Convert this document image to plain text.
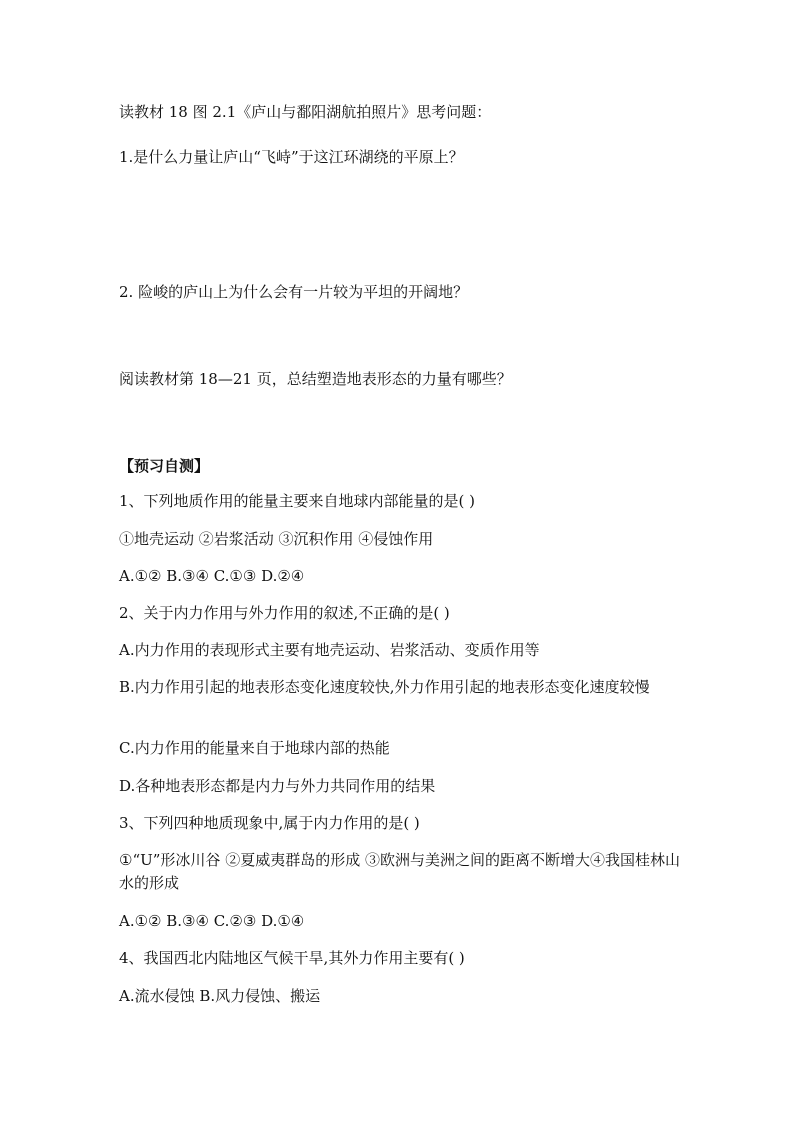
读教材 18 图 2.1《庐山与鄱阳湖航拍照片》思考问题：
1.是什么力量让庐山“飞峙”于这江环湖绕的平原上？
2. 险峻的庐山上为什么会有一片较为平坦的开阔地？
阅读教材第 18—21 页，总结塑造地表形态的力量有哪些？
【预习自测】
1、下列地质作用的能量主要来自地球内部能量的是( )
①地壳运动 ②岩浆活动 ③沉积作用 ④侵蚀作用
A.①② B.③④ C.①③ D.②④
2、关于内力作用与外力作用的叙述,不正确的是( )
A.内力作用的表现形式主要有地壳运动、岩浆活动、变质作用等
B.内力作用引起的地表形态变化速度较快,外力作用引起的地表形态变化速度较慢
C.内力作用的能量来自于地球内部的热能
D.各种地表形态都是内力与外力共同作用的结果
3、下列四种地质现象中,属于内力作用的是( )
①“U”形冰川谷 ②夏威夷群岛的形成 ③欧洲与美洲之间的距离不断增大④我国桂林山水的形成
A.①② B.③④ C.②③ D.①④
4、我国西北内陆地区气候干旱,其外力作用主要有( )
A.流水侵蚀 B.风力侵蚀、搬运
